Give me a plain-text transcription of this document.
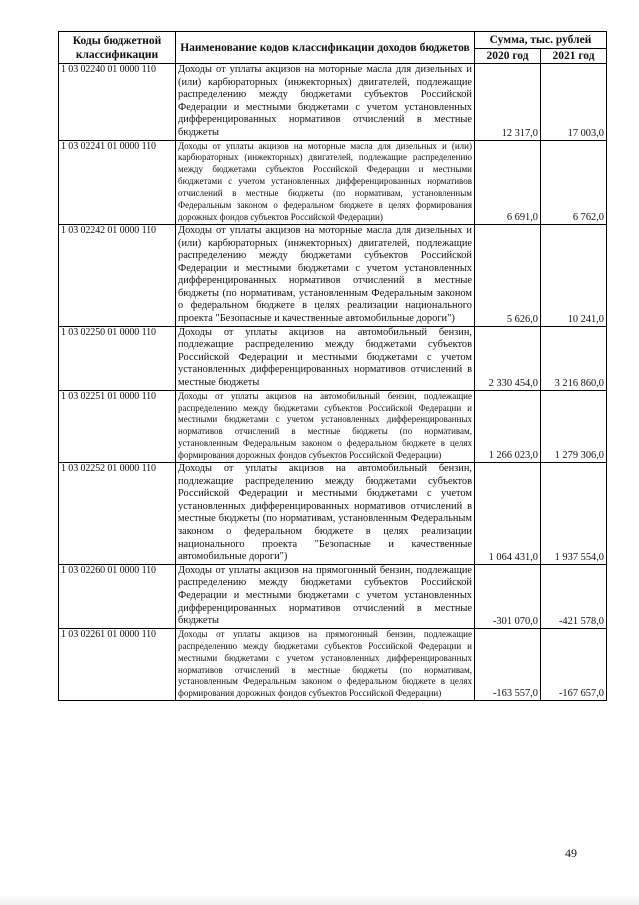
Коды бюджетной классификации	Наименование кодов классификации доходов бюджетов	Сумма, тыс. рублей	
		2020 год	2021 год
1 03 02240 01 0000 110	Доходы от уплаты акцизов на моторные масла для дизельных и (или) карбюраторных (инжекторных) двигателей, подлежащие распределению между бюджетами субъектов Российской Федерации и местными бюджетами с учетом установленных дифференцированных нормативов отчислений в местные бюджеты	12 317,0	17 003,0
1 03 02241 01 0000 110	Доходы от уплаты акцизов на моторные масла для дизельных и (или) карбюраторных (инжекторных) двигателей, подлежащие распределению между бюджетами субъектов Российской Федерации и местными бюджетами с учетом установленных дифференцированных нормативов отчислений в местные бюджеты (по нормативам, установленным Федеральным законом о федеральном бюджете в целях формирования дорожных фондов субъектов Российской Федерации)	6 691,0	6 762,0
1 03 02242 01 0000 110	Доходы от уплаты акцизов на моторные масла для дизельных и (или) карбюраторных (инжекторных) двигателей, подлежащие распределению между бюджетами субъектов Российской Федерации и местными бюджетами с учетом установленных дифференцированных нормативов отчислений в местные бюджеты (по нормативам, установленным Федеральным законом о федеральном бюджете в целях реализации национального проекта "Безопасные и качественные автомобильные дороги")	5 626,0	10 241,0
1 03 02250 01 0000 110	Доходы от уплаты акцизов на автомобильный бензин, подлежащие распределению между бюджетами субъектов Российской Федерации и местными бюджетами с учетом установленных дифференцированных нормативов отчислений в местные бюджеты	2 330 454,0	3 216 860,0
1 03 02251 01 0000 110	Доходы от уплаты акцизов на автомобильный бензин, подлежащие распределению между бюджетами субъектов Российской Федерации и местными бюджетами с учетом установленных дифференцированных нормативов отчислений в местные бюджеты (по нормативам, установленным Федеральным законом о федеральном бюджете в целях формирования дорожных фондов субъектов Российской Федерации)	1 266 023,0	1 279 306,0
1 03 02252 01 0000 110	Доходы от уплаты акцизов на автомобильный бензин, подлежащие распределению между бюджетами субъектов Российской Федерации и местными бюджетами с учетом установленных дифференцированных нормативов отчислений в местные бюджеты (по нормативам, установленным Федеральным законом о федеральном бюджете в целях реализации национального проекта "Безопасные и качественные автомобильные дороги")	1 064 431,0	1 937 554,0
1 03 02260 01 0000 110	Доходы от уплаты акцизов на прямогонный бензин, подлежащие распределению между бюджетами субъектов Российской Федерации и местными бюджетами с учетом установленных дифференцированных нормативов отчислений в местные бюджеты	-301 070,0	-421 578,0
1 03 02261 01 0000 110	Доходы от уплаты акцизов на прямогонный бензин, подлежащие распределению между бюджетами субъектов Российской Федерации и местными бюджетами с учетом установленных дифференцированных нормативов отчислений в местные бюджеты (по нормативам, установленным Федеральным законом о федеральном бюджете в целях формирования дорожных фондов субъектов Российской Федерации)	-163 557,0	-167 657,0
49
